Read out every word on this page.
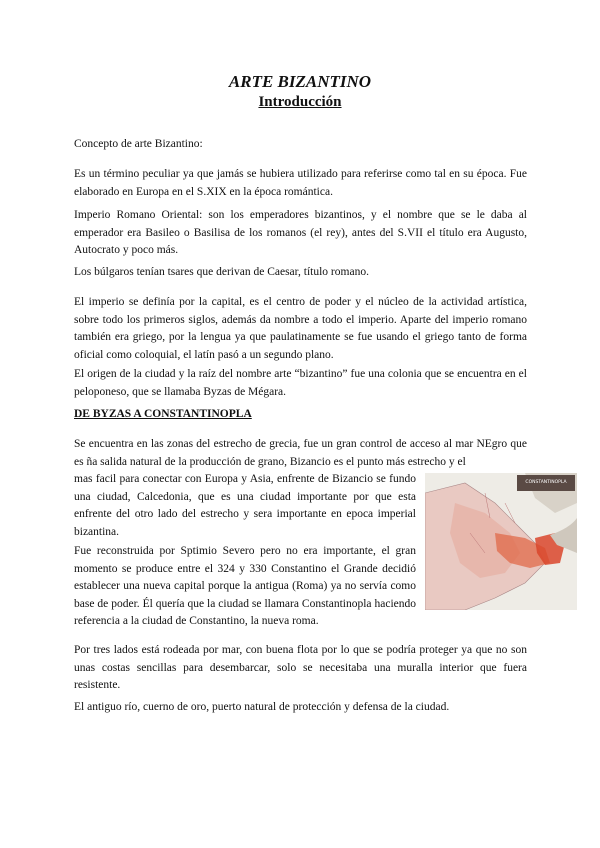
ARTE BIZANTINO
Introducción

Concepto de arte Bizantino:

Es un término peculiar ya que jamás se hubiera utilizado para referirse como tal en su época. Fue elaborado en Europa en el S.XIX en la época romántica.

Imperio Romano Oriental: son los emperadores bizantinos, y el nombre que se le daba al emperador era Basileo o Basilisa de los romanos (el rey), antes del S.VII el título era Augusto, Autocrato y poco más.

Los búlgaros tenían tsares que derivan de Caesar, título romano.

El imperio se definía por la capital, es el centro de poder y el núcleo de la actividad artística, sobre todo los primeros siglos, además da nombre a todo el imperio. Aparte del imperio romano también era griego, por la lengua ya que paulatinamente se fue usando el griego tanto de forma oficial como coloquial, el latín pasó a un segundo plano.

El origen de la ciudad y la raíz del nombre arte “bizantino” fue una colonia que se encuentra en el peloponeso, que se llamaba Byzas de Mégara.

DE BYZAS A CONSTANTINOPLA

Se encuentra en las zonas del estrecho de grecia, fue un gran control de acceso al mar NEgro que es ña salida natural de la producción de grano, Bizancio es el punto más estrecho y el

mas facil para conectar con Europa y Asia, enfrente de Bizancio se fundo una ciudad, Calcedonia, que es una ciudad importante por que esta enfrente del otro lado del estrecho y sera importante en epoca imperial bizantina.

Fue reconstruida por Sptimio Severo pero no era importante, el gran momento se produce entre el 324 y 330 Constantino el Grande decidió establecer una nueva capital porque la antigua (Roma) ya no servía como base de poder. Él quería que la ciudad se llamara Constantinopla haciendo referencia a la ciudad de Constantino, la nueva roma.

Por tres lados está rodeada por mar, con buena flota por lo que se podría proteger ya que no son unas costas sencillas para desembarcar, solo se necesitaba una muralla interior que fuera resistente.

El antiguo río, cuerno de oro, puerto natural de protección y defensa de la ciudad.

CONSTANTINOPLA
